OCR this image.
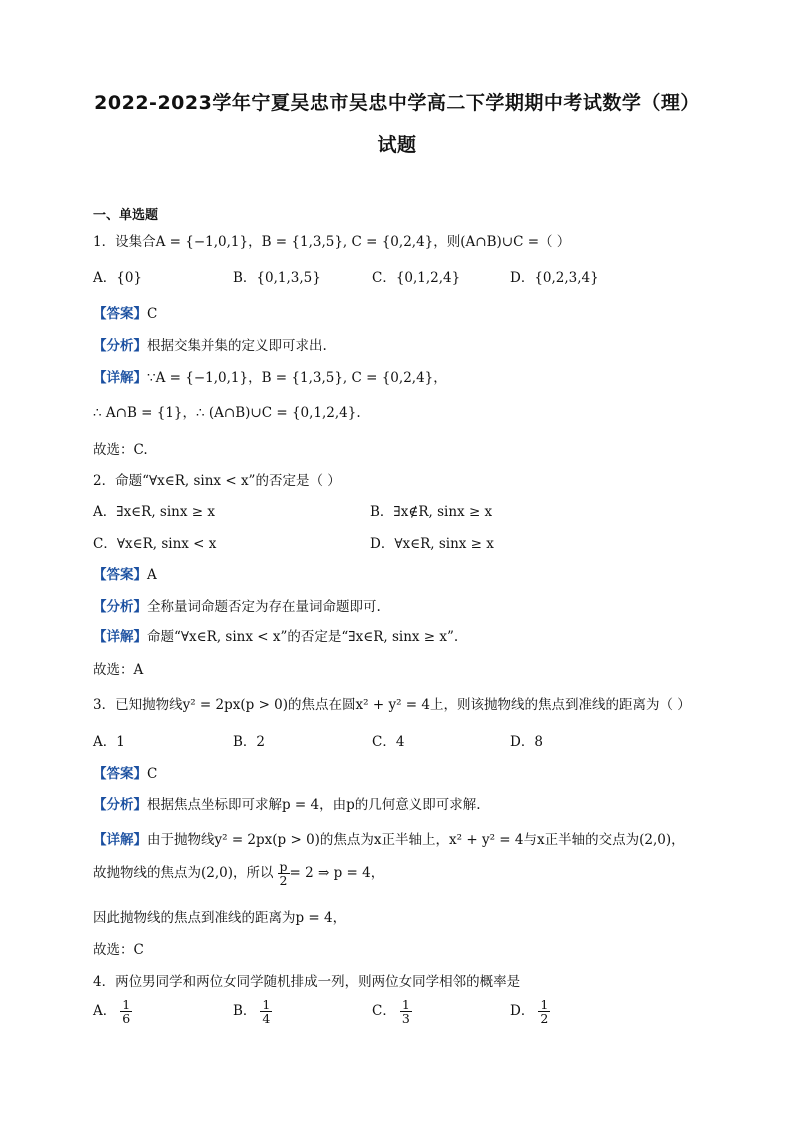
2022-2023学年宁夏吴忠市吴忠中学高二下学期期中考试数学（理）
试题
一、单选题
1．设集合A = {−1,0,1}，B = {1,3,5}, C = {0,2,4}，则(A∩B)∪C =（ ）
A．{0}	B．{0,1,3,5}	C．{0,1,2,4}	D．{0,2,3,4}
【答案】C
【分析】根据交集并集的定义即可求出.
【详解】∵A = {−1,0,1}，B = {1,3,5}, C = {0,2,4}，
∴ A∩B = {1}，∴ (A∩B)∪C = {0,1,2,4}.
故选：C.
2．命题“∀x∈R, sinx < x”的否定是（ ）
A．∃x∈R, sinx ≥ x	B．∃x∉R, sinx ≥ x
C．∀x∈R, sinx < x	D．∀x∈R, sinx ≥ x
【答案】A
【分析】全称量词命题否定为存在量词命题即可.
【详解】命题“∀x∈R, sinx < x”的否定是“∃x∈R, sinx ≥ x”.
故选：A
3．已知抛物线y² = 2px(p > 0)的焦点在圆x² + y² = 4上，则该抛物线的焦点到准线的距离为（ ）
A．1	B．2	C．4	D．8
【答案】C
【分析】根据焦点坐标即可求解p = 4，由p的几何意义即可求解.
【详解】由于抛物线y² = 2px(p > 0)的焦点为x正半轴上，x² + y² = 4与x正半轴的交点为(2,0)，
故抛物线的焦点为(2,0)，所以 $\frac{p}{2} = 2$ ⇒ p = 4，
因此抛物线的焦点到准线的距离为p = 4，
故选：C
4．两位男同学和两位女同学随机排成一列，则两位女同学相邻的概率是
A． $\frac{1}{6}$	B． $\frac{1}{4}$	C． $\frac{1}{3}$	D． $\frac{1}{2}$
